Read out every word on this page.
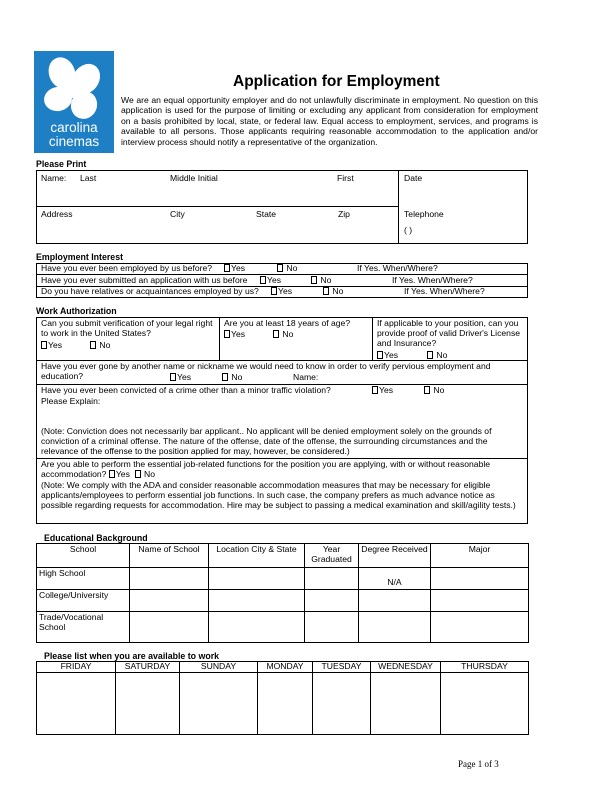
carolina
cinemas
Application for Employment
We are an equal opportunity employer and do not unlawfully discriminate in employment. No question on this application is used for the purpose of limiting or excluding any applicant from consideration for employment on a basis prohibited by local, state, or federal law. Equal access to employment, services, and programs is available to all persons. Those applicants requiring reasonable accommodation to the application and/or interview process should notify a representative of the organization.
Please Print
Name: Last	Middle Initial	First	Date
Address	City	State	Zip	Telephone
( )
Employment Interest
Have you ever been employed by us before?	Yes	No	If Yes. When/Where?
Have you ever submitted an application with us before	Yes	No	If Yes. When/Where?
Do you have relatives or acquaintances employed by us?	Yes	No	If Yes. When/Where?
Work Authorization
Can you submit verification of your legal right to work in the United States?
Yes	No
Are you at least 18 years of age?
Yes	No
If applicable to your position, can you provide proof of valid Driver's License and Insurance?
Yes	No
Have you ever gone by another name or nickname we would need to know in order to verify pervious employment and education?	Yes	No	Name:
Have you ever been convicted of a crime other than a minor traffic violation?	Yes	No
Please Explain:
(Note: Conviction does not necessarily bar applicant.. No applicant will be denied employment solely on the grounds of conviction of a criminal offense. The nature of the offense, date of the offense, the surrounding circumstances and the relevance of the offense to the position applied for may, however, be considered.)
Are you able to perform the essential job-related functions for the position you are applying, with or without reasonable accommodation? Yes No
(Note: We comply with the ADA and consider reasonable accommodation measures that may be necessary for eligible applicants/employees to perform essential job functions. In such case, the company prefers as much advance notice as possible regarding requests for accommodation. Hire may be subject to passing a medical examination and skill/agility tests.)
Educational Background
School	Name of School	Location City & State	Year Graduated	Degree Received	Major
High School				N/A	
College/University					
Trade/Vocational School					
Please list when you are available to work
FRIDAY	SATURDAY	SUNDAY	MONDAY	TUESDAY	WEDNESDAY	THURSDAY

Page 1 of 3
